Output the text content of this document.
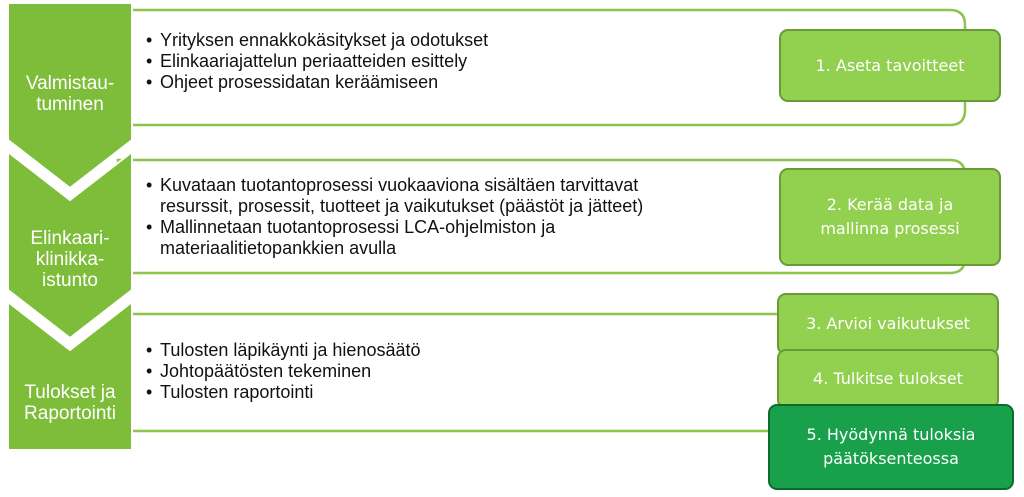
Valmistau-
tuminen
Elinkaari-
klinikka-
istunto
Tulokset ja
Raportointi
• Yrityksen ennakkokäsitykset ja odotukset
• Elinkaariajattelun periaatteiden esittely
• Ohjeet prosessidatan keräämiseen
• Kuvataan tuotantoprosessi vuokaaviona sisältäen tarvittavat
resurssit, prosessit, tuotteet ja vaikutukset (päästöt ja jätteet)
• Mallinnetaan tuotantoprosessi LCA-ohjelmiston ja
materiaalitietopankkien avulla
• Tulosten läpikäynti ja hienosäätö
• Johtopäätösten tekeminen
• Tulosten raportointi
1. Aseta tavoitteet
2. Kerää data ja
mallinna prosessi
3. Arvioi vaikutukset
4. Tulkitse tulokset
5. Hyödynnä tuloksia
päätöksenteossa
